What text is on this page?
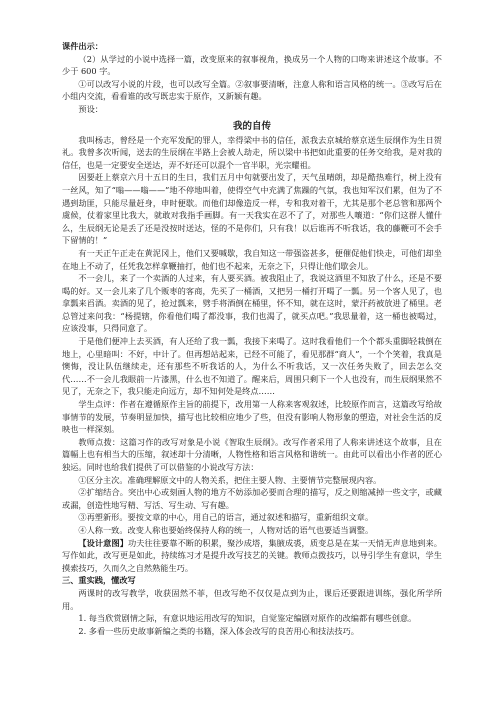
课件出示：

（2）从学过的小说中选择一篇，改变原来的叙事视角，换成另一个人物的口吻来讲述这个故事。不少于 600 字。

①可以改写小说的片段，也可以改写全篇。②叙事要清晰，注意人称和语言风格的统一。③改写后在小组内交流，看看谁的改写既忠实于原作，又新颖有趣。

预设：

我的自传

我叫杨志，曾经是一个充军发配的罪人，幸得梁中书的信任，派我去京城给蔡京送生辰纲作为生日贺礼。我曾多次听闻，送去的生辰纲在半路上会被人劫走，所以梁中书把如此重要的任务交给我，是对我的信任，也是一定要安全送达，弄不好还可以混个一官半职，光宗耀祖。

因要赶上蔡京六月十五日的生日，我们五月中旬就要出发了，天气虽晴朗，却是酷热难行，树上没有一丝风，知了“嗡——嗡——”地不停地叫着，使得空气中充满了焦躁的气氛，我也知军汉们累，但为了不遇到劫匪，只能尽量赶身，申时便歇。而他们却像造反一样，专和我对着干，尤其是那个老总管和那两个虞候，仗着家里比我大，就敢对我指手画脚。有一天我实在忍不了了，对那些人嚷道：“你们这群人懂什么，生辰纲无论是丢了还是没按时送达，怪的不是你们，只有我！以后谁再不听我话，我的藤鞭可不会手下留情的！”

有一天正午正走在黄泥冈上，他们又要喊歇，我自知这一带强盗甚多，便催促他们快走，可他们却坐在地上不动了，任凭我怎样拿鞭抽打，他们也不起来，无奈之下，只得让他们歇会儿。

不一会儿，来了一个卖酒的人过来，有人要买酒。被我阻止了，我说这酒里不知放了什么，还是不要喝的好。又一会儿来了几个贩枣的客商，先买了一桶酒，又把另一桶打开喝了一瓢。另一个客人见了，也拿瓢来舀酒。卖酒的见了，抢过瓢来，劈手将酒倒在桶里，怀不知，就在这时，蒙汗药被放进了桶里。老总管过来问我：“杨提辖，你看他们喝了都没事，我们也渴了，就买点吧。”我思量着，这一桶也被喝过，应该没事，只得同意了。

于是他们便冲上去买酒，有人还给了我一瓢，我接下来喝了。这时我看他们一个个都头重脚轻栽倒在地上，心里暗叫：不好，中计了。但再想站起来，已经不可能了，看见那群“商人”，一个个笑着，我真是懊悔，没让队伍继续走，还有那些不听我话的人，为什么不听我话，又一次任务失败了，回去怎么交代……不一会儿我眼前一片漆黑，什么也不知道了。醒来后，周围只剩下一个人也没有，而生辰纲果然不见了，无奈之下，我只能走向远方，却不知何处是终点……

学生点评：作者在遵循原作主旨的前提下，改用第一人称来客观叙述，比较原作而言，这篇改写给故事情节的发展，节奏明显加快，描写也比较相应地少了些，但没有影响人物形象的塑造，对社会生活的反映也一样深刻。

教师点拨：这篇习作的改写对象是小说《智取生辰纲》。改写作者采用了人称来讲述这个故事，且在篇幅上也有相当大的压缩，叙述却十分清晰，人物性格和语言风格和谐统一。由此可以看出小作者的匠心独运。同时也给我们提供了可以借鉴的小说改写方法：

①区分主次。准确理解原文中的人物关系，把住主要人物、主要情节完整展现内容。

②扩缩结合。突出中心或刻画人物的地方不妨添加必要而合理的描写，反之则缩减掉一些文字，或藏或漏，创造性地写精、写活、写生动、写有趣。

③再塑新形。要按文章的中心，用自己的语言，通过叙述和描写，重新组织文章。

④人称一致。改变人称也要始终保持人称的统一，人物对话的语气也要适当调整。

【设计意图】功夫往往要靠不断的积累，聚沙成塔，集腋成裘，质变总是在某一天悄无声息地到来。写作如此，改写更是如此，持续练习才是提升改写技艺的关键。教师点拨技巧，以导引学生有意识，学生摸索技巧，久而久之自然熟能生巧。

三、重实践，懂改写

两课时的改写教学，收获固然不菲，但改写绝不仅仅是点到为止，课后还要跟进训练，强化所学所用。

1. 每当欣赏剧情之际，有意识地运用改写的知识，自觉鉴定编剧对原作的改编都有哪些创意。

2. 多看一些历史故事新编之类的书籍，深入体会改写的良苦用心和技法技巧。
